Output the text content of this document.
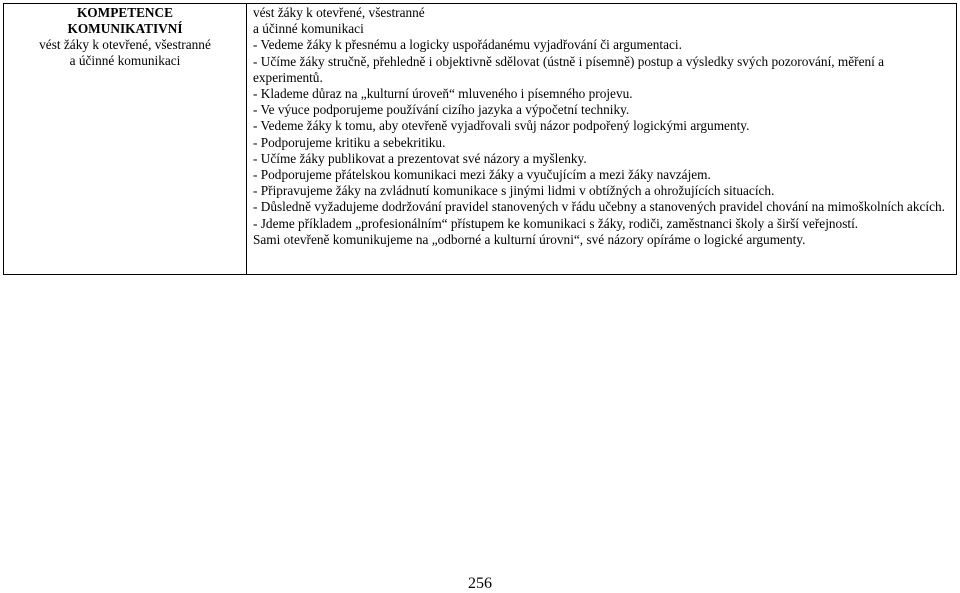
KOMPETENCE
KOMUNIKATIVNÍ
vést žáky k otevřené, všestranné
a účinné komunikaci
vést žáky k otevřené, všestranné
a účinné komunikaci
- Vedeme žáky k přesnému a logicky uspořádanému vyjadřování či argumentaci.
- Učíme žáky stručně, přehledně i objektivně sdělovat (ústně i písemně) postup a výsledky svých pozorování, měření a experimentů.
- Klademe důraz na „kulturní úroveň“ mluveného i písemného projevu.
- Ve výuce podporujeme používání cizího jazyka a výpočetní techniky.
- Vedeme žáky k tomu, aby otevřeně vyjadřovali svůj názor podpořený logickými argumenty.
- Podporujeme kritiku a sebekritiku.
- Učíme žáky publikovat a prezentovat své názory a myšlenky.
- Podporujeme přátelskou komunikaci mezi žáky a vyučujícím a mezi žáky navzájem.
- Připravujeme žáky na zvládnutí komunikace s jinými lidmi v obtížných a ohrožujících situacích.
- Důsledně vyžadujeme dodržování pravidel stanovených v řádu učebny a stanovených pravidel chování na mimoškolních akcích.
- Jdeme příkladem „profesionálním“ přístupem ke komunikaci s žáky, rodiči, zaměstnanci školy a širší veřejností.
Sami otevřeně komunikujeme na „odborné a kulturní úrovni“, své názory opíráme o logické argumenty.
256
